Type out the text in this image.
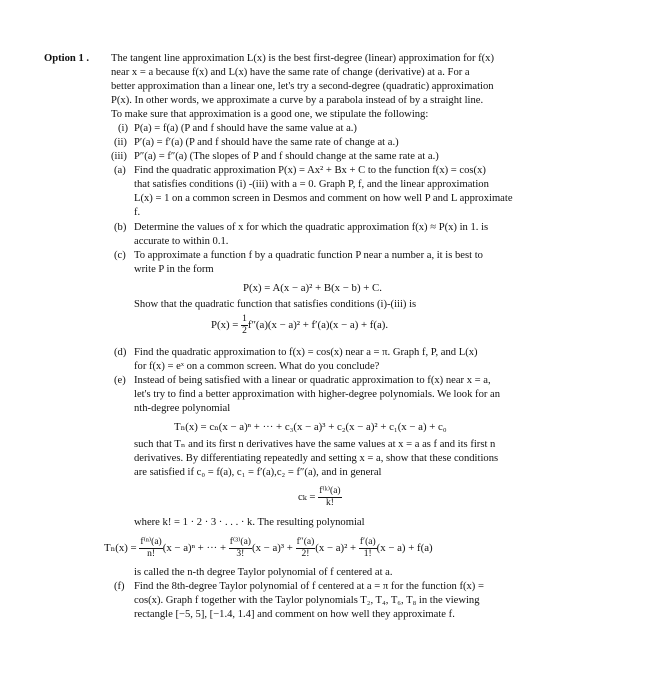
Option 1 . The tangent line approximation L(x) is the best first-degree (linear) approximation for f(x)
near x = a because f(x) and L(x) have the same rate of change (derivative) at a. For a
better approximation than a linear one, let's try a second-degree (quadratic) approximation
P(x). In other words, we approximate a curve by a parabola instead of by a straight line.
To make sure that approximation is a good one, we stipulate the following:
(i) P(a) = f(a) (P and f should have the same value at a.)
(ii) P′(a) = f′(a) (P and f should have the same rate of change at a.)
(iii) P″(a) = f″(a) (The slopes of P and f should change at the same rate at a.)
(a) Find the quadratic approximation P(x) = Ax² + Bx + C to the function f(x) = cos(x)
that satisfies conditions (i) -(iii) with a = 0. Graph P, f, and the linear approximation
L(x) = 1 on a common screen in Desmos and comment on how well P and L approximate
f.
(b) Determine the values of x for which the quadratic approximation f(x) ≈ P(x) in 1. is
accurate to within 0.1.
(c) To approximate a function f by a quadratic function P near a number a, it is best to
write P in the form
P(x) = A(x − a)² + B(x − b) + C.
Show that the quadratic function that satisfies conditions (i)-(iii) is
$P(x) = \frac{1}{2} f''(a)(x - a)^2 + f'(a)(x - a) + f(a)$.
(d) Find the quadratic approximation to f(x) = cos(x) near a = π. Graph f, P, and L(x)
for f(x) = eˣ on a common screen. What do you conclude?
(e) Instead of being satisfied with a linear or quadratic approximation to f(x) near x = a,
let's try to find a better approximation with higher-degree polynomials. We look for an
nth-degree polynomial
Tₙ(x) = cₙ(x − a)ⁿ + ··· + c₃(x − a)³ + c₂(x − a)² + c₁(x − a) + c₀
such that Tₙ and its first n derivatives have the same values at x = a as f and its first n
derivatives. By differentiating repeatedly and setting x = a, show that these conditions
are satisfied if c₀ = f(a), c₁ = f′(a),c₂ = f″(a), and in general
$c_k = \frac{\text{f⁽ᵏ⁾(a)}}{k!}$
where k! = 1 · 2 · 3 · . . . · k. The resulting polynomial
$T_n(x) = \frac{\text{f⁽ⁿ⁾(a)}}{n!} (x - a)^n$ + ··· + $\frac{\text{f⁽³⁾(a)}}{3!} (x - a)^3 + \frac{f''(a)}{2!} (x - a)^2 + \frac{f'(a)}{1!} (x - a) + f(a)$
is called the n-th degree Taylor polynomial of f centered at a.
(f) Find the 8th-degree Taylor polynomial of f centered at a = π for the function f(x) =
cos(x). Graph f together with the Taylor polynomials T₂, T₄, T₆, T₈ in the viewing
rectangle [−5, 5], [−1.4, 1.4] and comment on how well they approximate f.
